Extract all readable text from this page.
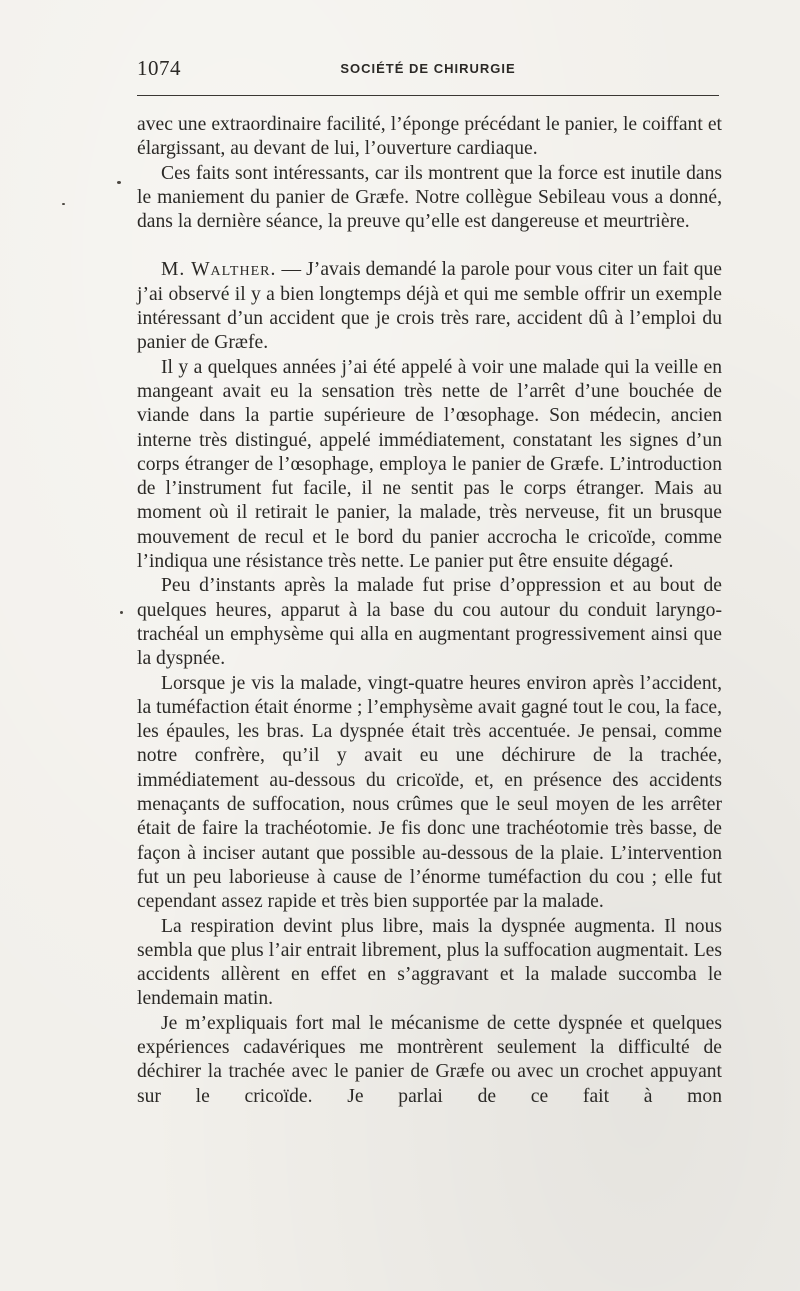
1074	SOCIÉTÉ DE CHIRURGIE

avec une extraordinaire facilité, l’éponge précédant le panier, le coiffant et élargissant, au devant de lui, l’ouverture cardiaque.

Ces faits sont intéressants, car ils montrent que la force est inutile dans le maniement du panier de Græfe. Notre collègue Sebileau vous a donné, dans la dernière séance, la preuve qu’elle est dangereuse et meurtrière.

M. Walther. — J’avais demandé la parole pour vous citer un fait que j’ai observé il y a bien longtemps déjà et qui me semble offrir un exemple intéressant d’un accident que je crois très rare, accident dû à l’emploi du panier de Græfe.

Il y a quelques années j’ai été appelé à voir une malade qui la veille en mangeant avait eu la sensation très nette de l’arrêt d’une bouchée de viande dans la partie supérieure de l’œsophage. Son médecin, ancien interne très distingué, appelé immédiatement, constatant les signes d’un corps étranger de l’œsophage, employa le panier de Græfe. L’introduction de l’instrument fut facile, il ne sentit pas le corps étranger. Mais au moment où il retirait le panier, la malade, très nerveuse, fit un brusque mouvement de recul et le bord du panier accrocha le cricoïde, comme l’indiqua une résistance très nette. Le panier put être ensuite dégagé.

Peu d’instants après la malade fut prise d’oppression et au bout de quelques heures, apparut à la base du cou autour du conduit laryngo-trachéal un emphysème qui alla en augmentant progressivement ainsi que la dyspnée.

Lorsque je vis la malade, vingt-quatre heures environ après l’accident, la tuméfaction était énorme ; l’emphysème avait gagné tout le cou, la face, les épaules, les bras. La dyspnée était très accentuée. Je pensai, comme notre confrère, qu’il y avait eu une déchirure de la trachée, immédiatement au-dessous du cricoïde, et, en présence des accidents menaçants de suffocation, nous crûmes que le seul moyen de les arrêter était de faire la trachéotomie. Je fis donc une trachéotomie très basse, de façon à inciser autant que possible au-dessous de la plaie. L’intervention fut un peu laborieuse à cause de l’énorme tuméfaction du cou ; elle fut cependant assez rapide et très bien supportée par la malade.

La respiration devint plus libre, mais la dyspnée augmenta. Il nous sembla que plus l’air entrait librement, plus la suffocation augmentait. Les accidents allèrent en effet en s’aggravant et la malade succomba le lendemain matin.

Je m’expliquais fort mal le mécanisme de cette dyspnée et quelques expériences cadavériques me montrèrent seulement la difficulté de déchirer la trachée avec le panier de Græfe ou avec un crochet appuyant sur le cricoïde. Je parlai de ce fait à mon
